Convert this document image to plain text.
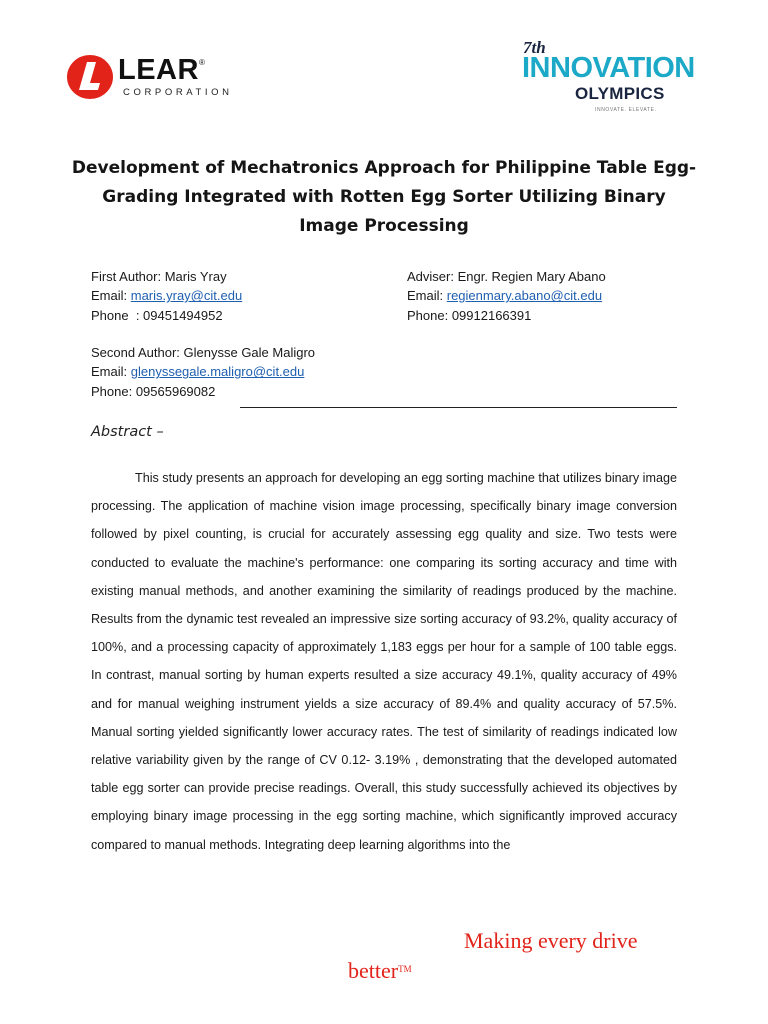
LEAR®
CORPORATION
7th
INNOVATION
OLYMPICS
INNOVATE. ELEVATE.
Development of Mechatronics Approach for Philippine Table Egg-Grading Integrated with Rotten Egg Sorter Utilizing Binary Image Processing
First Author: Maris Yray
Email: maris.yray@cit.edu
Phone  : 09451494952
Adviser: Engr. Regien Mary Abano
Email: regienmary.abano@cit.edu
Phone: 09912166391
Second Author: Glenysse Gale Maligro
Email: glenyssegale.maligro@cit.edu
Phone: 09565969082
Abstract –
This study presents an approach for developing an egg sorting machine that utilizes binary image processing. The application of machine vision image processing, specifically binary image conversion followed by pixel counting, is crucial for accurately assessing egg quality and size. Two tests were conducted to evaluate the machine's performance: one comparing its sorting accuracy and time with existing manual methods, and another examining the similarity of readings produced by the machine. Results from the dynamic test revealed an impressive size sorting accuracy of 93.2%, quality accuracy of 100%, and a processing capacity of approximately 1,183 eggs per hour for a sample of 100 table eggs. In contrast, manual sorting by human experts resulted a size accuracy 49.1%, quality accuracy of 49% and for manual weighing instrument yields a size accuracy of 89.4% and quality accuracy of 57.5%. Manual sorting yielded significantly lower accuracy rates. The test of similarity of readings indicated low relative variability given by the range of CV 0.12- 3.19% , demonstrating that the developed automated table egg sorter can provide precise readings. Overall, this study successfully achieved its objectives by employing binary image processing in the egg sorting machine, which significantly improved accuracy compared to manual methods. Integrating deep learning algorithms into the
Making every drive
better™
